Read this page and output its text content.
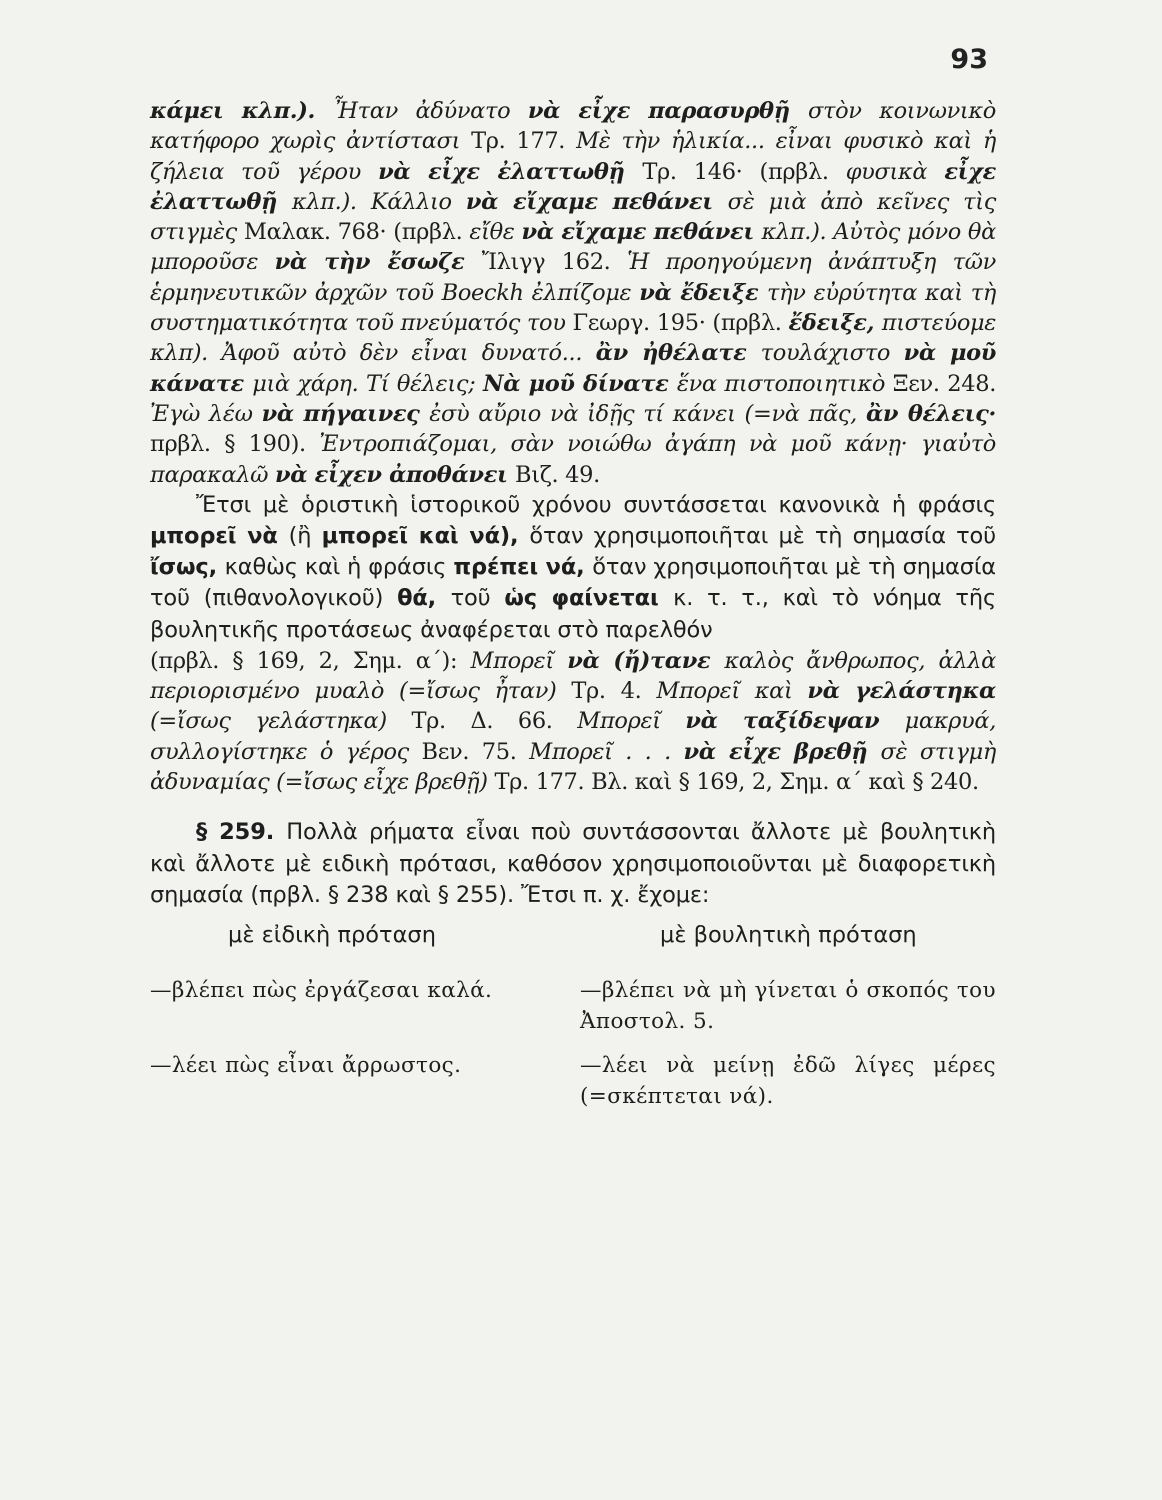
93

κάμει κλπ.). Ἦταν ἀδύνατο νὰ εἶχε παρασυρθῇ στὸν κοινωνικὸ κατήφορο χωρὶς ἀντίστασι Τρ. 177. Μὲ τὴν ἡλικία... εἶναι φυσικὸ καὶ ἡ ζήλεια τοῦ γέρου νὰ εἶχε ἐλαττωθῇ Τρ. 146· (πρβλ. φυσικὰ εἶχε ἐλαττωθῇ κλπ.). Κάλλιο νὰ εἴχαμε πεθάνει σὲ μιὰ ἀπὸ κεῖνες τὶς στιγμὲς Μαλακ. 768· (πρβλ. εἴθε νὰ εἴχαμε πεθάνει κλπ.). Αὐτὸς μόνο θὰ μποροῦσε νὰ τὴν ἔσωζε Ἴλιγγ 162. Ἡ προηγούμενη ἀνάπτυξη τῶν ἑρμηνευτικῶν ἀρχῶν τοῦ Boeckh ἐλπίζομε νὰ ἔδειξε τὴν εὐρύτητα καὶ τὴ συστηματικότητα τοῦ πνεύματός του Γεωργ. 195· (πρβλ. ἔδειξε, πιστεύομε κλπ). Ἀφοῦ αὐτὸ δὲν εἶναι δυνατό... ἂν ἠθέλατε τουλάχιστο νὰ μοῦ κάνατε μιὰ χάρη. Τί θέλεις; Νὰ μοῦ δίνατε ἕνα πιστοποιητικὸ Ξεν. 248. Ἐγὼ λέω νὰ πήγαινες ἐσὺ αὔριο νὰ ἰδῇς τί κάνει (=νὰ πᾶς, ἂν θέλεις· πρβλ. § 190). Ἐντροπιάζομαι, σὰν νοιώθω ἀγάπη νὰ μοῦ κάνῃ· γιαὐτὸ παρακαλῶ νὰ εἶχεν ἀποθάνει Βιζ. 49.

Ἔτσι μὲ ὁριστικὴ ἱστορικοῦ χρόνου συντάσσεται κανονικὰ ἡ φράσις μπορεῖ νὰ (ἢ μπορεῖ καὶ νά), ὅταν χρησιμοποιῆται μὲ τὴ σημασία τοῦ ἴσως, καθὼς καὶ ἡ φράσις πρέπει νά, ὅταν χρησιμοποιῆται μὲ τὴ σημασία τοῦ (πιθανολογικοῦ) θά, τοῦ ὡς φαίνεται κ. τ. τ., καὶ τὸ νόημα τῆς βουλητικῆς προτάσεως ἀναφέρεται στὸ παρελθόν

(πρβλ. § 169, 2, Σημ. α΄): Μπορεῖ νὰ (ἤ)τανε καλὸς ἄνθρωπος, ἀλλὰ περιορισμένο μυαλὸ (=ἴσως ἦταν) Τρ. 4. Μπορεῖ καὶ νὰ γελάστηκα (=ἴσως γελάστηκα) Τρ. Δ. 66. Μπορεῖ νὰ ταξίδεψαν μακρυά, συλλογίστηκε ὁ γέρος Βεν. 75. Μπορεῖ . . . νὰ εἶχε βρεθῇ σὲ στιγμὴ ἀδυναμίας (=ἴσως εἶχε βρεθῇ) Τρ. 177. Βλ. καὶ § 169, 2, Σημ. α΄ καὶ § 240.

§ 259. Πολλὰ ρήματα εἶναι ποὺ συντάσσονται ἄλλοτε μὲ βουλητικὴ καὶ ἄλλοτε μὲ ειδικὴ πρότασι, καθόσον χρησιμοποιοῦνται μὲ διαφορετικὴ σημασία (πρβλ. § 238 καὶ § 255). Ἔτσι π. χ. ἔχομε:

μὲ εἰδικὴ πρόταση	μὲ βουλητικὴ πρόταση
—βλέπει πὼς ἐργάζεσαι καλά.	—βλέπει νὰ μὴ γίνεται ὁ σκοπός του Ἀποστολ. 5.
—λέει πὼς εἶναι ἄρρωστος.	—λέει νὰ μείνῃ ἐδῶ λίγες μέρες (=σκέπτεται νά).
